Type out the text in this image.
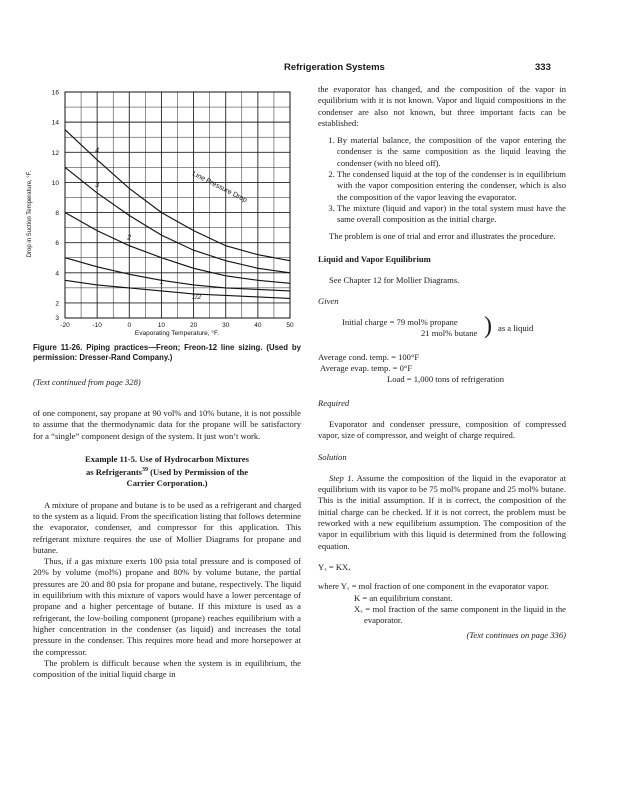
Refrigeration Systems	333
1/2
1
2
3
4
-20	-10	0	10	20	30	40	50
2
4
6
8
10
12
14
16
3
Line Pressure Drop
Evaporating Temperature, °F.
Drop in Suction Temperature, °F.

Figure 11-26. Piping practices—Freon; Freon-12 line sizing. (Used by permission: Dresser-Rand Company.)

(Text continued from page 328)

of one component, say propane at 90 vol% and 10% butane, it is not possible to assume that the thermodynamic data for the propane will be satisfactory for a “single” component design of the system. It just won’t work.

Example 11-5. Use of Hydrocarbon Mixtures

as Refrigerants$^{39}$ (Used by Permission of the

Carrier Corporation.)

A mixture of propane and butane is to be used as a refrigerant and charged to the system as a liquid. From the specification listing that follows determine the evaporator, condenser, and compressor for this application. This refrigerant mixture requires the use of Mollier Diagrams for propane and butane.

Thus, if a gas mixture exerts 100 psia total pressure and is composed of 20% by volume (mol%) propane and 80% by volume butane, the partial pressures are 20 and 80 psia for propane and butane, respectively. The liquid in equilibrium with this mixture of vapors would have a lower percentage of propane and a higher percentage of butane. If this mixture is used as a refrigerant, the low-boiling component (propane) reaches equilibrium with a higher concentration in the condenser (as liquid) and increases the total pressure in the condenser. This requires more head and more horsepower at the compressor.

The problem is difficult because when the system is in equilibrium, the composition of the initial liquid charge in

the evaporator has changed, and the composition of the vapor in equilibrium with it is not known. Vapor and liquid compositions in the condenser are also not known, but three important facts can be established:

1. By material balance, the composition of the vapor entering the condenser is the same composition as the liquid leaving the condenser (with no bleed off).
2. The condensed liquid at the top of the condenser is in equilibrium with the vapor composition entering the condenser, which is also the composition of the vapor leaving the evaporator.
3. The mixture (liquid and vapor) in the total system must have the same overall composition as the initial charge.

The problem is one of trial and error and illustrates the procedure.

Liquid and Vapor Equilibrium

See Chapter 12 for Mollier Diagrams.

Given

Initial charge = 79 mol% propane
21 mol% butane ) as a liquid

Average cond. temp. = 100°F

Average evap. temp. = 0°F

Load = 1,000 tons of refrigeration

Required

Evaporator and condenser pressure, composition of compressed vapor, size of compressor, and weight of charge required.

Solution

Step 1. Assume the composition of the liquid in the evaporator at equilibrium with its vapor to be 75 mol% propane and 25 mol% butane. This is the initial assumption. If it is correct, the composition of the initial charge can be checked. If it is not correct, the problem must be reworked with a new equilibrium assumption. The composition of the vapor in equilibrium with this liquid is determined from the following equation.

Yₓ = KXₓ

where Yₓ = mol fraction of one component in the evaporator vapor.

K = an equilibrium constant.

Xₓ = mol fraction of the same component in the liquid in the evaporator.

(Text continues on page 336)
